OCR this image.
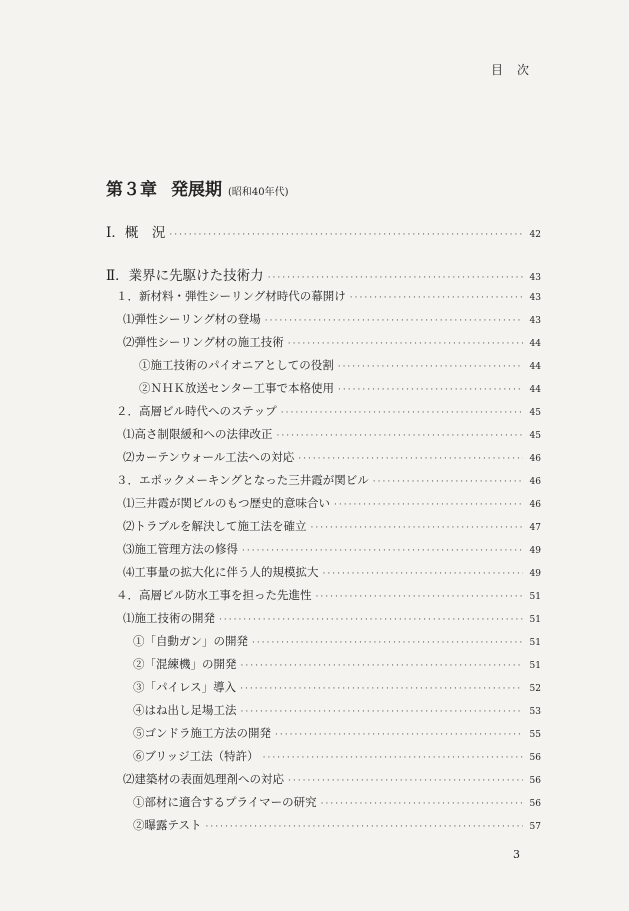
目次
第３章 発展期 (昭和40年代)
Ⅰ．概　況 ·····	42
Ⅱ．業界に先駆けた技術力 ·····	43
１．新材料・弾性シーリング材時代の幕開け ·····	43
⑴弾性シーリング材の登場 ·····	43
⑵弾性シーリング材の施工技術 ·····	44
①施工技術のパイオニアとしての役割 ·····	44
②ＮＨＫ放送センター工事で本格使用 ·····	44
２．高層ビル時代へのステップ ·····	45
⑴高さ制限緩和への法律改正 ·····	45
⑵カーテンウォール工法への対応 ·····	46
３．エポックメーキングとなった三井霞が関ビル ·····	46
⑴三井霞が関ビルのもつ歴史的意味合い ·····	46
⑵トラブルを解決して施工法を確立 ·····	47
⑶施工管理方法の修得 ·····	49
⑷工事量の拡大化に伴う人的規模拡大 ·····	49
４．高層ビル防水工事を担った先進性 ·····	51
⑴施工技術の開発 ·····	51
①「自動ガン」の開発 ·····	51
②「混練機」の開発 ·····	51
③「パイレス」導入 ·····	52
④はね出し足場工法 ·····	53
⑤ゴンドラ施工方法の開発 ·····	55
⑥ブリッジ工法（特許） ·····	56
⑵建築材の表面処理剤への対応 ·····	56
①部材に適合するプライマーの研究 ·····	56
②曝露テスト ·····	57
3
